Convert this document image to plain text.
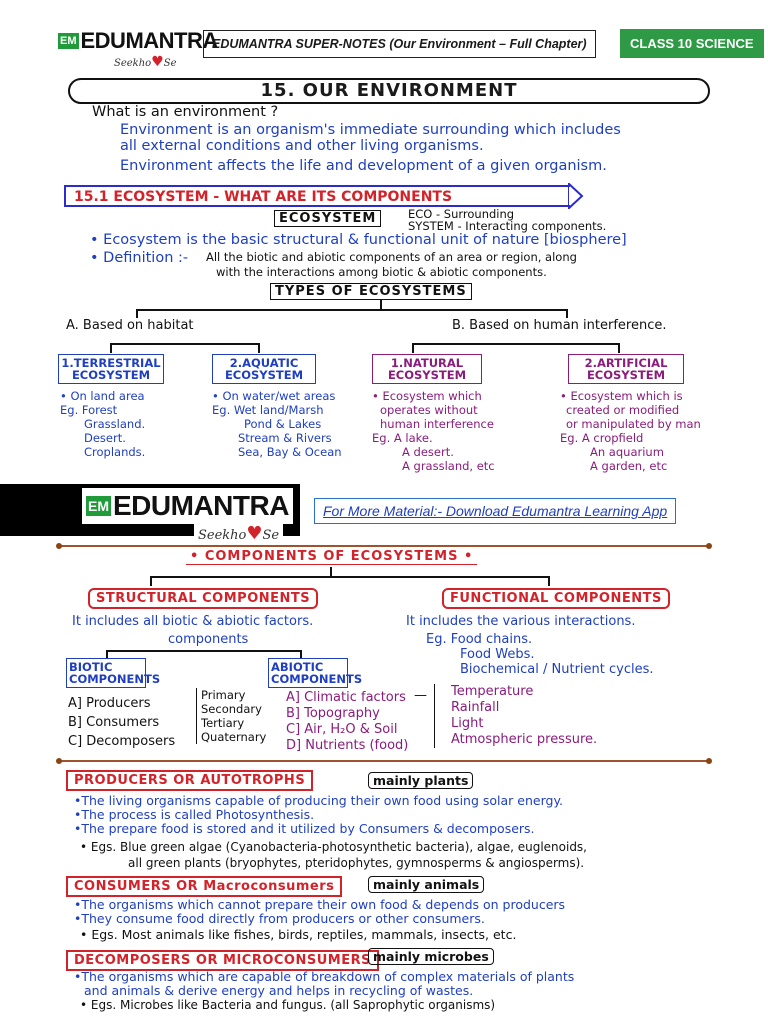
EM EDUMANTRA
Seekho♥Se
EDUMANTRA SUPER-NOTES (Our Environment – Full Chapter)	CLASS 10 SCIENCE
15. OUR ENVIRONMENT
What is an environment ?
Environment is an organism's immediate surrounding which includes
all external conditions and other living organisms.
Environment affects the life and development of a given organism.
15.1 ECOSYSTEM - WHAT ARE ITS COMPONENTS
ECOSYSTEM	ECO - Surrounding
SYSTEM - Interacting components.
• Ecosystem is the basic structural & functional unit of nature [biosphere]
• Definition :- All the biotic and abiotic components of an area or region, along
with the interactions among biotic & abiotic components.
TYPES OF ECOSYSTEMS
A. Based on habitat	B. Based on human interference.
1.TERRESTRIAL
ECOSYSTEM
2.AQUATIC
ECOSYSTEM
1.NATURAL
ECOSYSTEM
2.ARTIFICIAL
ECOSYSTEM
• On land area
Eg. Forest
Grassland.
Desert.
Croplands.
• On water/wet areas
Eg. Wet land/Marsh
Pond & Lakes
Stream & Rivers
Sea, Bay & Ocean
• Ecosystem which
operates without
human interference
Eg. A lake.
A desert.
A grassland, etc
• Ecosystem which is
created or modified
or manipulated by man
Eg. A cropfield
An aquarium
A garden, etc
EM EDUMANTRA
Seekho♥Se
For More Material:- Download Edumantra Learning App
• COMPONENTS OF ECOSYSTEMS •
STRUCTURAL COMPONENTS	FUNCTIONAL COMPONENTS
It includes all biotic & abiotic factors.
components
It includes the various interactions.
Eg. Food chains.
Food Webs.
Biochemical / Nutrient cycles.
BIOTIC
COMPONENTS
ABIOTIC
COMPONENTS
A] Producers
B] Consumers
C] Decomposers
Primary
Secondary
Tertiary
Quaternary
A] Climatic factors
B] Topography
C] Air, H₂O & Soil
D] Nutrients (food)
— Temperature
Rainfall
Light
Atmospheric pressure.
PRODUCERS OR AUTOTROPHS	mainly plants
•The living organisms capable of producing their own food using solar energy.
•The process is called Photosynthesis.
•The prepare food is stored and it utilized by Consumers & decomposers.
• Egs. Blue green algae (Cyanobacteria-photosynthetic bacteria), algae, euglenoids,
all green plants (bryophytes, pteridophytes, gymnosperms & angiosperms).
CONSUMERS OR Macroconsumers	mainly animals
•The organisms which cannot prepare their own food & depends on producers
•They consume food directly from producers or other consumers.
• Egs. Most animals like fishes, birds, reptiles, mammals, insects, etc.
DECOMPOSERS OR MICROCONSUMERS mainly microbes
•The organisms which are capable of breakdown of complex materials of plants
and animals & derive energy and helps in recycling of wastes.
• Egs. Microbes like Bacteria and fungus. (all Saprophytic organisms)
